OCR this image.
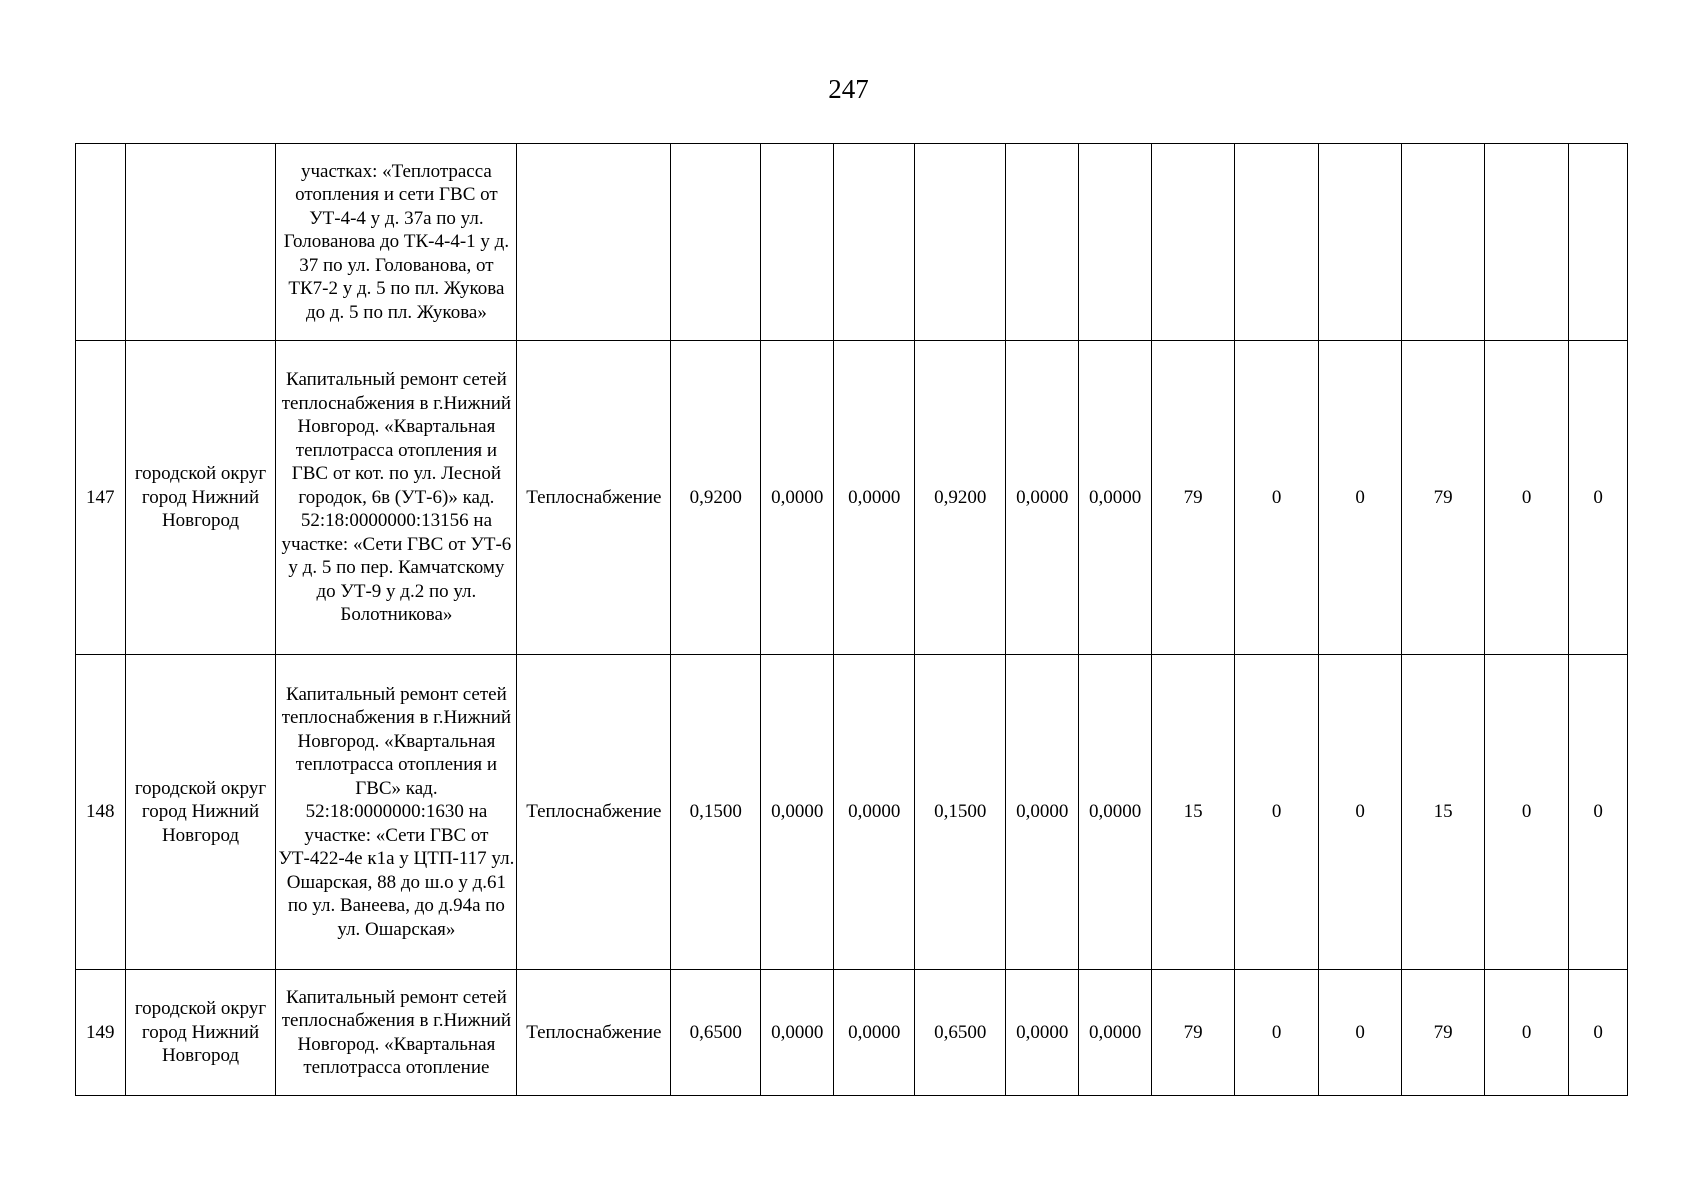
247
		участках: «Теплотрасса отопления и сети ГВС от УТ-4-4 у д. 37а по ул. Голованова до ТК-4-4-1 у д. 37 по ул. Голованова, от ТК7-2 у д. 5 по пл. Жукова до д. 5 по пл. Жукова»													
147	городской округ город Нижний Новгород	Капитальный ремонт сетей теплоснабжения в г.Нижний Новгород. «Квартальная теплотрасса отопления и ГВС от кот. по ул. Лесной городок, 6в (УТ-6)» кад. 52:18:0000000:13156 на участке: «Сети ГВС от УТ-6 у д. 5 по пер. Камчатскому до УТ-9 у д.2 по ул. Болотникова»	Теплоснабжение	0,9200	0,0000	0,0000	0,9200	0,0000	0,0000	79	0	0	79	0	0
148	городской округ город Нижний Новгород	Капитальный ремонт сетей теплоснабжения в г.Нижний Новгород. «Квартальная теплотрасса отопления и ГВС» кад. 52:18:0000000:1630 на участке: «Сети ГВС от УТ-422-4е к1а у ЦТП-117 ул. Ошарская, 88 до ш.о у д.61 по ул. Ванеева, до д.94а по ул. Ошарская»	Теплоснабжение	0,1500	0,0000	0,0000	0,1500	0,0000	0,0000	15	0	0	15	0	0
149	городской округ город Нижний Новгород	Капитальный ремонт сетей теплоснабжения в г.Нижний Новгород. «Квартальная теплотрасса отопление	Теплоснабжение	0,6500	0,0000	0,0000	0,6500	0,0000	0,0000	79	0	0	79	0	0
